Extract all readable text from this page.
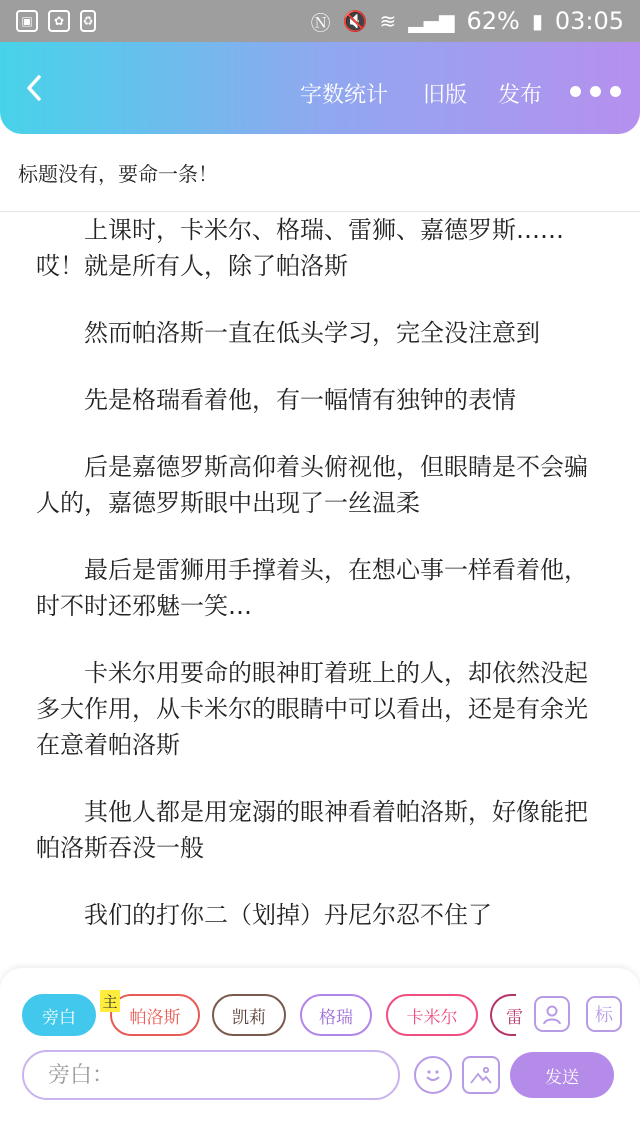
▣	✿	♻	Ⓝ 🔇 ≋ ▂▄▆ 62% ▮ 03:05
字数统计 旧版 发布
标题没有，要命一条！

上课时，卡米尔、格瑞、雷狮、嘉德罗斯……哎！就是所有人，除了帕洛斯

然而帕洛斯一直在低头学习，完全没注意到

先是格瑞看着他，有一幅情有独钟的表情

后是嘉德罗斯高仰着头俯视他，但眼睛是不会骗人的，嘉德罗斯眼中出现了一丝温柔

最后是雷狮用手撑着头，在想心事一样看着他，时不时还邪魅一笑…

卡米尔用要命的眼神盯着班上的人，却依然没起多大作用，从卡米尔的眼睛中可以看出，还是有余光在意着帕洛斯

其他人都是用宠溺的眼神看着帕洛斯，好像能把帕洛斯吞没一般

我们的打你二（划掉）丹尼尔忍不住了

旁白	帕洛斯
主
凯莉	格瑞	卡米尔	雷	标
旁白：
发送
